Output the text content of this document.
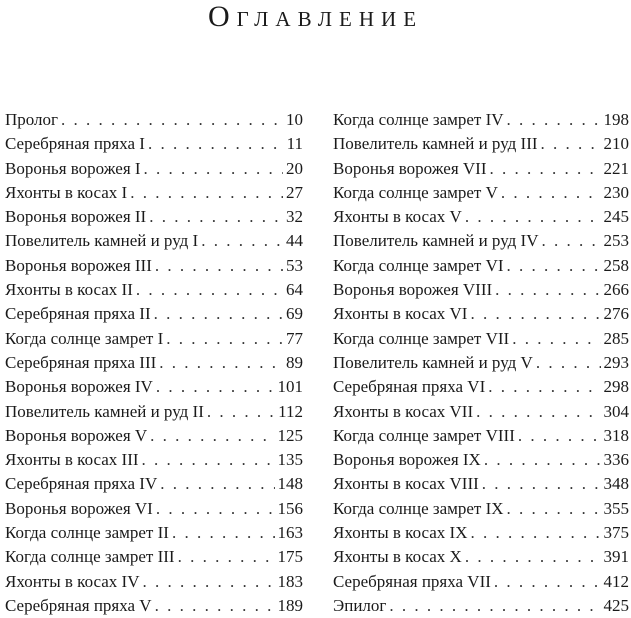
Оглавление
Пролог . . .	10
Серебряная пряха I . . .	11
Воронья ворожея I . . .	20
Яхонты в косах I . . .	27
Воронья ворожея II . . .	32
Повелитель камней и руд I . . .	44
Воронья ворожея III . . .	53
Яхонты в косах II . . .	64
Серебряная пряха II . . .	69
Когда солнце замрет I . . .	77
Серебряная пряха III . . .	89
Воронья ворожея IV . . .	101
Повелитель камней и руд II . . .	112
Воронья ворожея V . . .	125
Яхонты в косах III . . .	135
Серебряная пряха IV . . .	148
Воронья ворожея VI . . .	156
Когда солнце замрет II . . .	163
Когда солнце замрет III . . .	175
Яхонты в косах IV . . .	183
Серебряная пряха V . . .	189
Когда солнце замрет IV . . .	198
Повелитель камней и руд III . . .	210
Воронья ворожея VII . . .	221
Когда солнце замрет V . . .	230
Яхонты в косах V . . .	245
Повелитель камней и руд IV . . .	253
Когда солнце замрет VI . . .	258
Воронья ворожея VIII . . .	266
Яхонты в косах VI . . .	276
Когда солнце замрет VII . . .	285
Повелитель камней и руд V . . .	293
Серебряная пряха VI . . .	298
Яхонты в косах VII . . .	304
Когда солнце замрет VIII . . .	318
Воронья ворожея IX . . .	336
Яхонты в косах VIII . . .	348
Когда солнце замрет IX . . .	355
Яхонты в косах IX . . .	375
Яхонты в косах X . . .	391
Серебряная пряха VII . . .	412
Эпилог . . .	425
